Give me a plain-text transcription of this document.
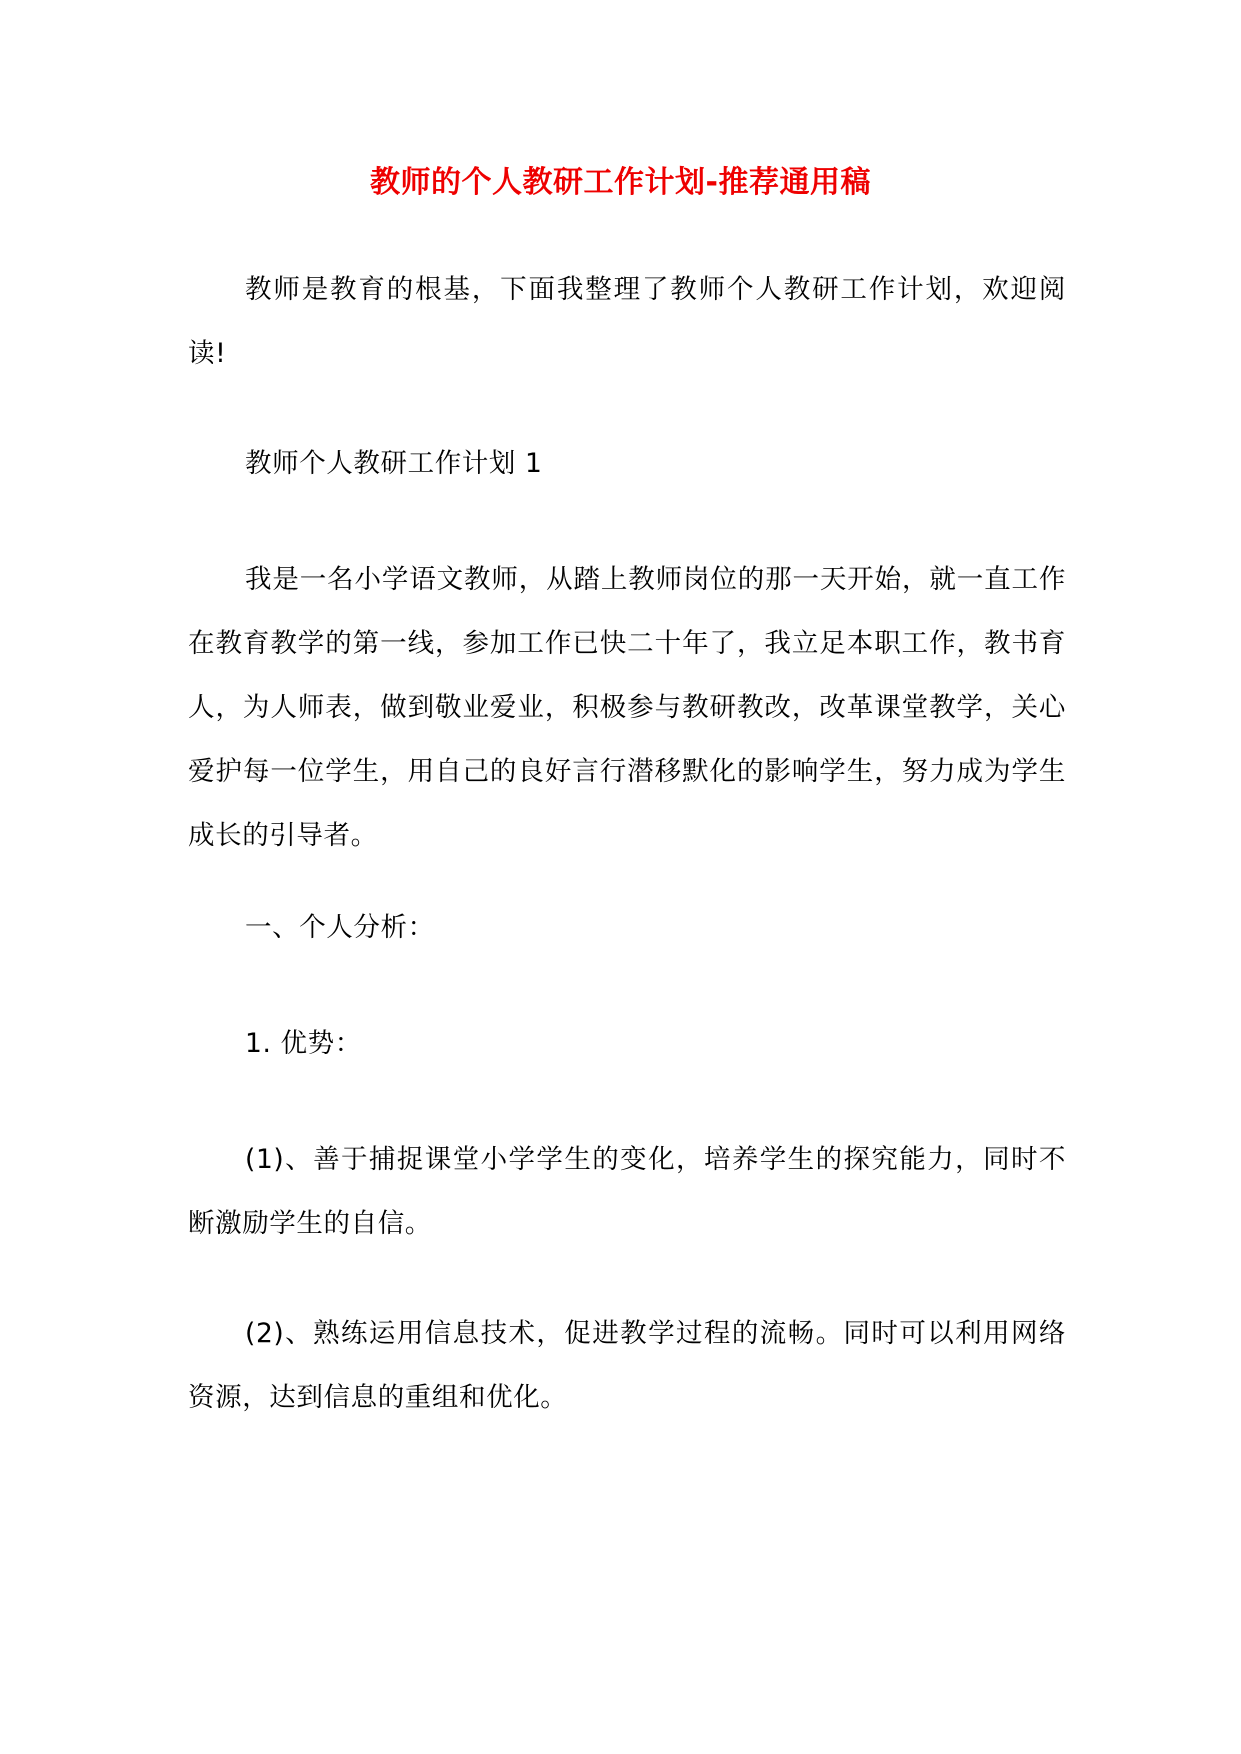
教师的个人教研工作计划-推荐通用稿

教师是教育的根基，下面我整理了教师个人教研工作计划，欢迎阅读!

教师个人教研工作计划 1

我是一名小学语文教师，从踏上教师岗位的那一天开始，就一直工作在教育教学的第一线，参加工作已快二十年了，我立足本职工作，教书育人，为人师表，做到敬业爱业，积极参与教研教改，改革课堂教学，关心爱护每一位学生，用自己的良好言行潜移默化的影响学生，努力成为学生成长的引导者。

一、个人分析：

1. 优势：

(1)、善于捕捉课堂小学学生的变化，培养学生的探究能力，同时不断激励学生的自信。

(2)、熟练运用信息技术，促进教学过程的流畅。同时可以利用网络资源，达到信息的重组和优化。
